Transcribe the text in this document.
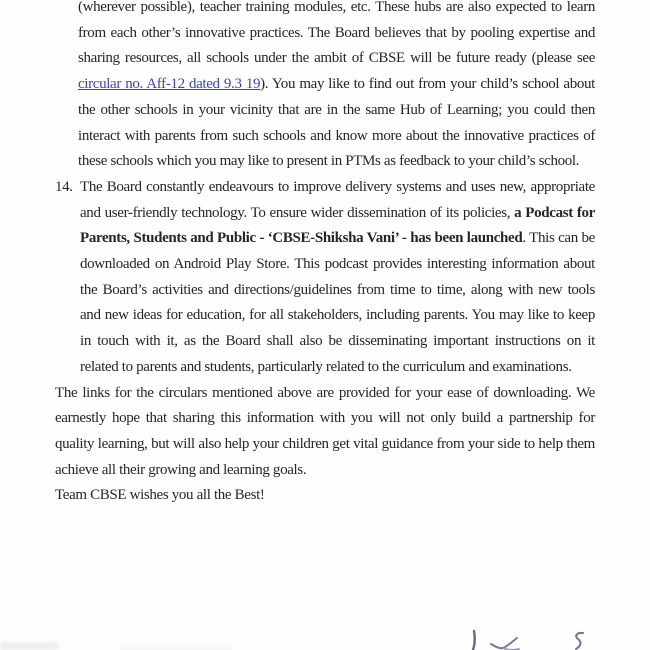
(wherever possible), teacher training modules, etc. These hubs are also expected to learn from each other’s innovative practices. The Board believes that by pooling expertise and sharing resources, all schools under the ambit of CBSE will be future ready (please see circular no. Aff-12 dated 9.3 19). You may like to find out from your child’s school about the other schools in your vicinity that are in the same Hub of Learning; you could then interact with parents from such schools and know more about the innovative practices of these schools which you may like to present in PTMs as feedback to your child’s school.

14. The Board constantly endeavours to improve delivery systems and uses new, appropriate and user-friendly technology. To ensure wider dissemination of its policies, a Podcast for Parents, Students and Public - ‘CBSE-Shiksha Vani’ - has been launched. This can be downloaded on Android Play Store. This podcast provides interesting information about the Board’s activities and directions/guidelines from time to time, along with new tools and new ideas for education, for all stakeholders, including parents. You may like to keep in touch with it, as the Board shall also be disseminating important instructions on it related to parents and students, particularly related to the curriculum and examinations.

The links for the circulars mentioned above are provided for your ease of downloading. We earnestly hope that sharing this information with you will not only build a partnership for quality learning, but will also help your children get vital guidance from your side to help them achieve all their growing and learning goals.

Team CBSE wishes you all the Best!
